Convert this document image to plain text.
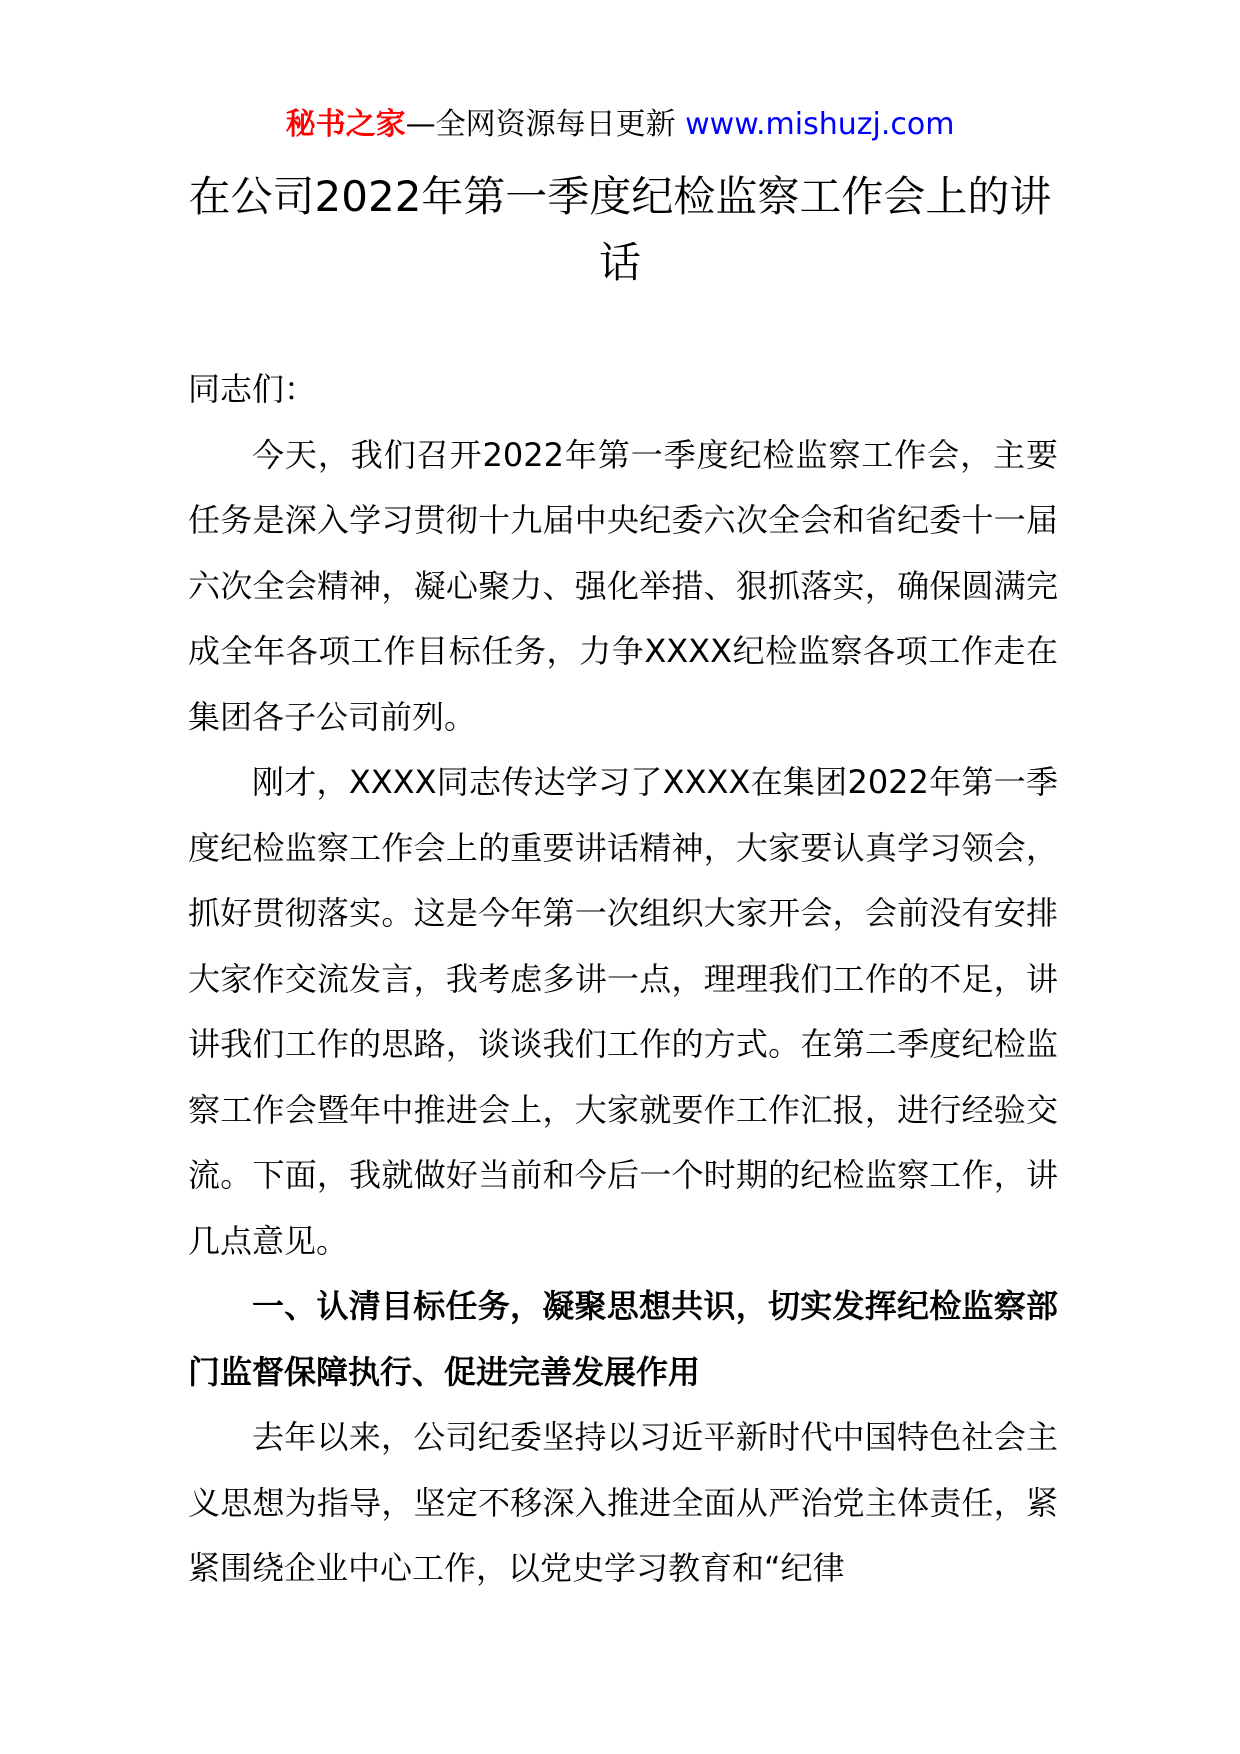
秘书之家—全网资源每日更新 www.mishuzj.com
在公司2022年第一季度纪检监察工作会上的讲话

同志们：

今天，我们召开2022年第一季度纪检监察工作会，主要任务是深入学习贯彻十九届中央纪委六次全会和省纪委十一届六次全会精神，凝心聚力、强化举措、狠抓落实，确保圆满完成全年各项工作目标任务，力争XXXX纪检监察各项工作走在集团各子公司前列。

刚才，XXXX同志传达学习了XXXX在集团2022年第一季度纪检监察工作会上的重要讲话精神，大家要认真学习领会，抓好贯彻落实。这是今年第一次组织大家开会，会前没有安排大家作交流发言，我考虑多讲一点，理理我们工作的不足，讲讲我们工作的思路，谈谈我们工作的方式。在第二季度纪检监察工作会暨年中推进会上，大家就要作工作汇报，进行经验交流。下面，我就做好当前和今后一个时期的纪检监察工作，讲几点意见。

一、认清目标任务，凝聚思想共识，切实发挥纪检监察部门监督保障执行、促进完善发展作用

去年以来，公司纪委坚持以习近平新时代中国特色社会主义思想为指导，坚定不移深入推进全面从严治党主体责任，紧紧围绕企业中心工作，以党史学习教育和“纪律
